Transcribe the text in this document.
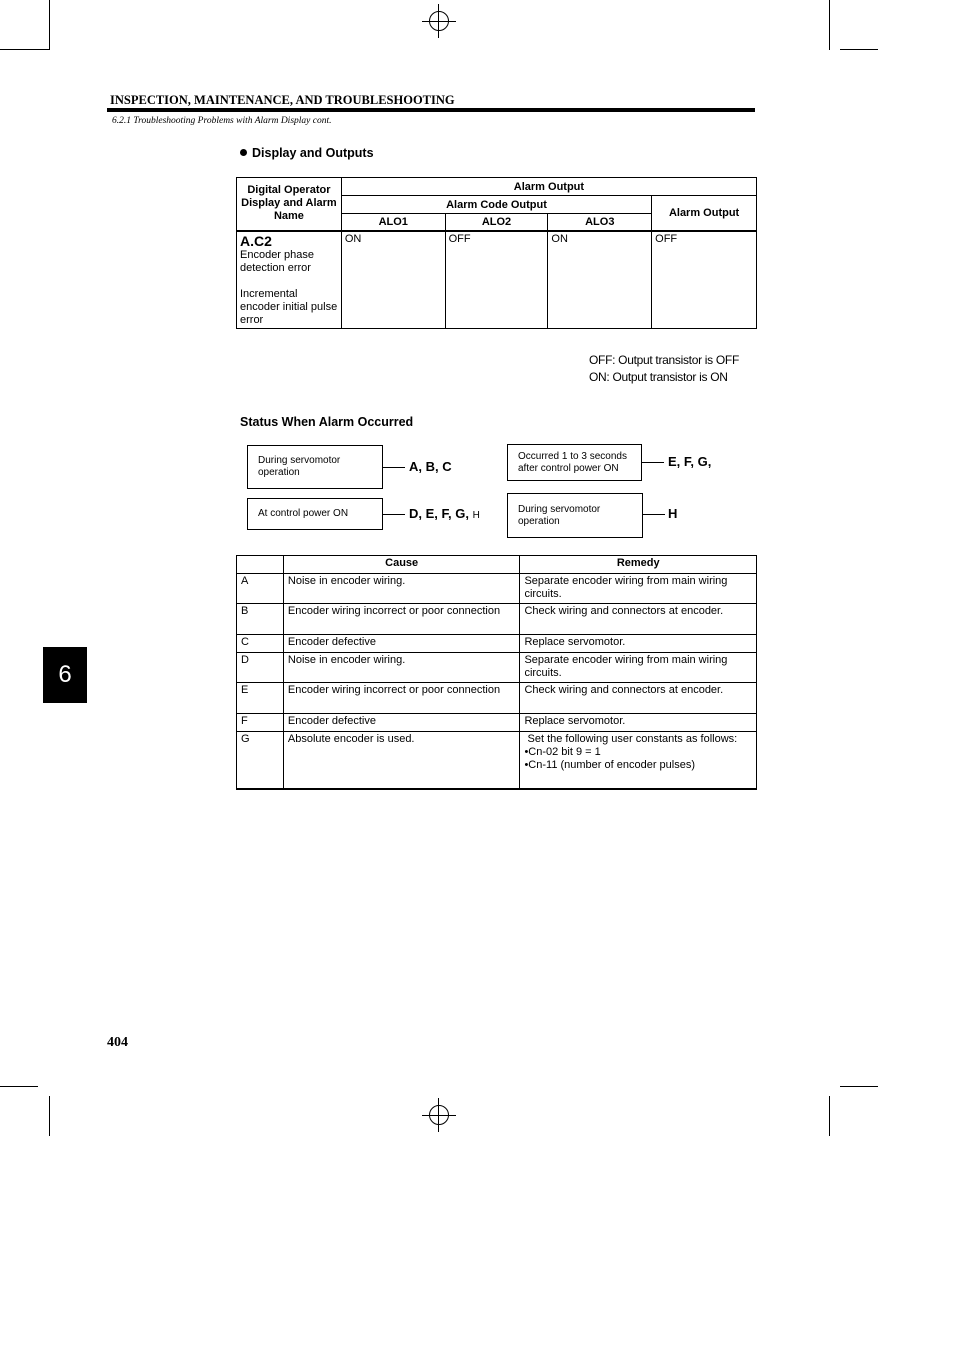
INSPECTION, MAINTENANCE, AND TROUBLESHOOTING
6.2.1 Troubleshooting Problems with Alarm Display cont.
Display and Outputs
Digital Operator Display and Alarm Name	Alarm Output			
	Alarm Code Output			Alarm Output
	ALO1	ALO2	ALO3	

A.C2
Encoder phase detection error
Incremental encoder initial pulse error	ON	OFF	ON	OFF
OFF: Output transistor is OFF
ON: Output transistor is ON
Status When Alarm Occurred
During servomotor operation	A, B, C
At control power ON	D, E, F, G, H
Occurred 1 to 3 seconds after control power ON	E, F, G,
During servomotor operation	H
	Cause	Remedy
A	Noise in encoder wiring.	Separate encoder wiring from main wiring circuits.
B	Encoder wiring incorrect or poor connection	Check wiring and connectors at encoder.
C	Encoder defective	Replace servomotor.
D	Noise in encoder wiring.	Separate encoder wiring from main wiring circuits.
E	Encoder wiring incorrect or poor connection	Check wiring and connectors at encoder.
F	Encoder defective	Replace servomotor.
G	Absolute encoder is used.	Set the following user constants as follows:
•Cn-02 bit 9 = 1
•Cn-11 (number of encoder pulses)
6
404
